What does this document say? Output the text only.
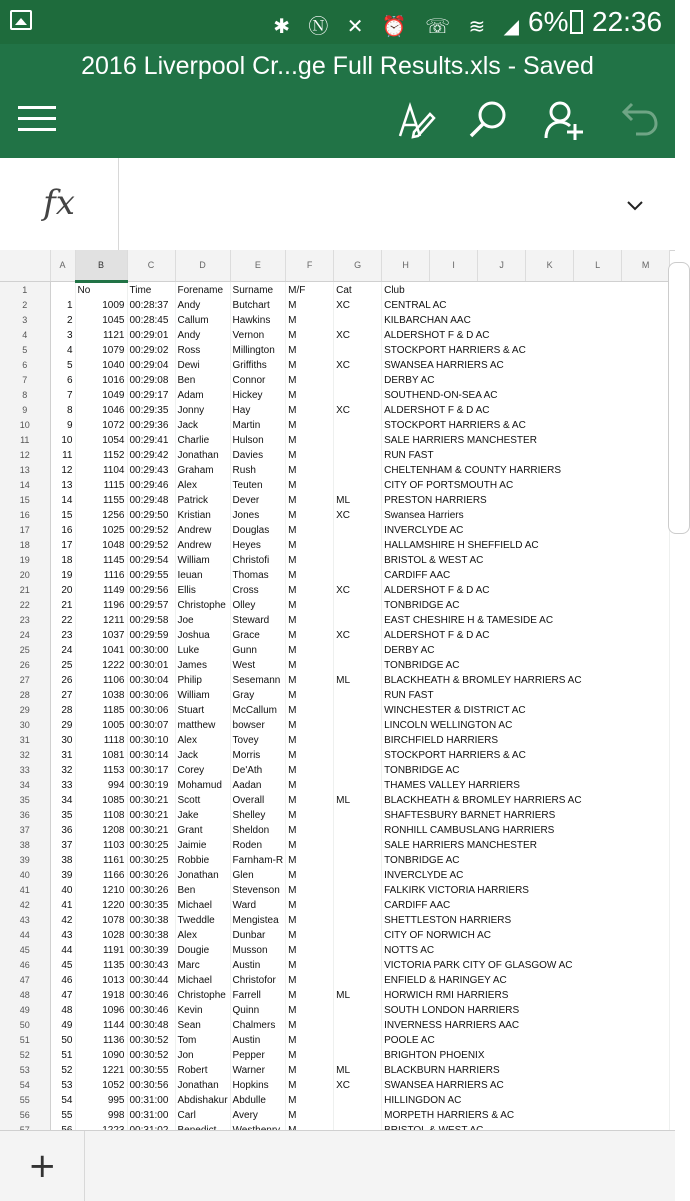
✱ Ⓝ ✕ ⏰ ☏ ≋ ◢ 6% 22:36
2016 Liverpool Cr...ge Full Results.xls - Saved
fx
	A	B	C	D	E	F	G	H	I	J	K	L	M
1		No	Time	Forename	Surname	M/F	Cat	Club					
2	1	1009	00:28:37	Andy	Butchart	M	XC	CENTRAL AC					
3	2	1045	00:28:45	Callum	Hawkins	M		KILBARCHAN AAC					
4	3	1121	00:29:01	Andy	Vernon	M	XC	ALDERSHOT F & D AC					
5	4	1079	00:29:02	Ross	Millington	M		STOCKPORT HARRIERS & AC					
6	5	1040	00:29:04	Dewi	Griffiths	M	XC	SWANSEA HARRIERS AC					
7	6	1016	00:29:08	Ben	Connor	M		DERBY AC					
8	7	1049	00:29:17	Adam	Hickey	M		SOUTHEND-ON-SEA AC					
9	8	1046	00:29:35	Jonny	Hay	M	XC	ALDERSHOT F & D AC					
10	9	1072	00:29:36	Jack	Martin	M		STOCKPORT HARRIERS & AC					
11	10	1054	00:29:41	Charlie	Hulson	M		SALE HARRIERS MANCHESTER					
12	11	1152	00:29:42	Jonathan	Davies	M		RUN FAST					
13	12	1104	00:29:43	Graham	Rush	M		CHELTENHAM & COUNTY HARRIERS					
14	13	1115	00:29:46	Alex	Teuten	M		CITY OF PORTSMOUTH AC					
15	14	1155	00:29:48	Patrick	Dever	M	ML	PRESTON HARRIERS					
16	15	1256	00:29:50	Kristian	Jones	M	XC	Swansea Harriers					
17	16	1025	00:29:52	Andrew	Douglas	M		INVERCLYDE AC					
18	17	1048	00:29:52	Andrew	Heyes	M		HALLAMSHIRE H SHEFFIELD AC					
19	18	1145	00:29:54	William	Christofi	M		BRISTOL & WEST AC					
20	19	1116	00:29:55	Ieuan	Thomas	M		CARDIFF AAC					
21	20	1149	00:29:56	Ellis	Cross	M	XC	ALDERSHOT F & D AC					
22	21	1196	00:29:57	Christophe	Olley	M		TONBRIDGE AC					
23	22	1211	00:29:58	Joe	Steward	M		EAST CHESHIRE H & TAMESIDE AC					
24	23	1037	00:29:59	Joshua	Grace	M	XC	ALDERSHOT F & D AC					
25	24	1041	00:30:00	Luke	Gunn	M		DERBY AC					
26	25	1222	00:30:01	James	West	M		TONBRIDGE AC					
27	26	1106	00:30:04	Philip	Sesemann	M	ML	BLACKHEATH & BROMLEY HARRIERS AC					
28	27	1038	00:30:06	William	Gray	M		RUN FAST					
29	28	1185	00:30:06	Stuart	McCallum	M		WINCHESTER & DISTRICT AC					
30	29	1005	00:30:07	matthew	bowser	M		LINCOLN WELLINGTON AC					
31	30	1118	00:30:10	Alex	Tovey	M		BIRCHFIELD HARRIERS					
32	31	1081	00:30:14	Jack	Morris	M		STOCKPORT HARRIERS & AC					
33	32	1153	00:30:17	Corey	De'Ath	M		TONBRIDGE AC					
34	33	994	00:30:19	Mohamud	Aadan	M		THAMES VALLEY HARRIERS					
35	34	1085	00:30:21	Scott	Overall	M	ML	BLACKHEATH & BROMLEY HARRIERS AC					
36	35	1108	00:30:21	Jake	Shelley	M		SHAFTESBURY BARNET HARRIERS					
37	36	1208	00:30:21	Grant	Sheldon	M		RONHILL CAMBUSLANG HARRIERS					
38	37	1103	00:30:25	Jaimie	Roden	M		SALE HARRIERS MANCHESTER					
39	38	1161	00:30:25	Robbie	Farnham-R	M		TONBRIDGE AC					
40	39	1166	00:30:26	Jonathan	Glen	M		INVERCLYDE AC					
41	40	1210	00:30:26	Ben	Stevenson	M		FALKIRK VICTORIA HARRIERS					
42	41	1220	00:30:35	Michael	Ward	M		CARDIFF AAC					
43	42	1078	00:30:38	Tweddle	Mengistea	M		SHETTLESTON HARRIERS					
44	43	1028	00:30:38	Alex	Dunbar	M		CITY OF NORWICH AC					
45	44	1191	00:30:39	Dougie	Musson	M		NOTTS AC					
46	45	1135	00:30:43	Marc	Austin	M		VICTORIA PARK CITY OF GLASGOW AC					
47	46	1013	00:30:44	Michael	Christofor	M		ENFIELD & HARINGEY AC					
48	47	1918	00:30:46	Christophe	Farrell	M	ML	HORWICH RMI HARRIERS					
49	48	1096	00:30:46	Kevin	Quinn	M		SOUTH LONDON HARRIERS					
50	49	1144	00:30:48	Sean	Chalmers	M		INVERNESS HARRIERS AAC					
51	50	1136	00:30:52	Tom	Austin	M		POOLE AC					
52	51	1090	00:30:52	Jon	Pepper	M		BRIGHTON PHOENIX					
53	52	1221	00:30:55	Robert	Warner	M	ML	BLACKBURN HARRIERS					
54	53	1052	00:30:56	Jonathan	Hopkins	M	XC	SWANSEA HARRIERS AC					
55	54	995	00:31:00	Abdishakur	Abdulle	M		HILLINGDON AC					
56	55	998	00:31:00	Carl	Avery	M		MORPETH HARRIERS & AC					

+
